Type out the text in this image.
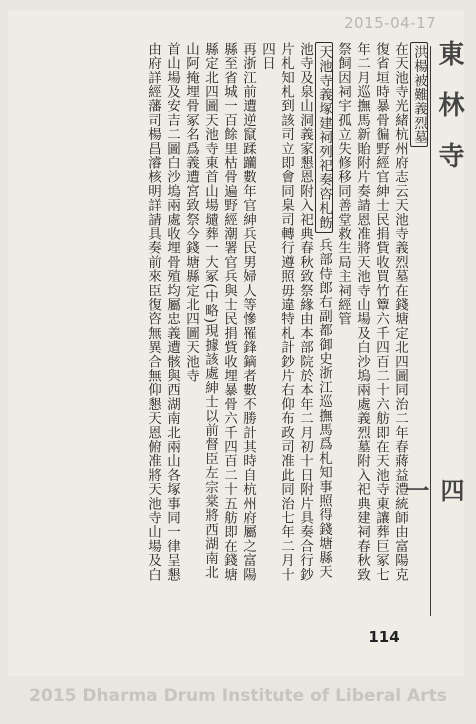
2015-04-17
東 林 寺
四一
洪楊被難義烈墓
在天池寺光緒杭州府志云天池寺義烈墓在錢塘定北四圖同治二年春蔣益澧統師由富陽克
復省垣時暴骨徧野經官紳士民捐貲收買竹簟六千四百二十六舫即在天池寺東讓葬巨冢七
年二月巡撫馬新貽附片奏請恩准將天池寺山場及白沙塢兩處義烈墓附入祀典建祠春秋致
祭飼因祠宇孤立失修移同善堂救生局主祠經管
天池寺義塚建祠列祀奏咨札飭兵部侍郎右副都御史浙江巡撫馬爲札知事照得錢塘縣天
池寺及泉山洞義家懇恩附入祀典春秋致祭緣由本部院於本年二月初十日附片具奏合行鈔
片札知札到該司立即會同臬司轉行遵照毋違特札計鈔片右仰布政司准此同治七年二月十
四日
再浙江前遭逆竄蹂躪數年官紳兵民男婦人等慘罹鋒鏑者數不勝計其時自杭州府屬之富陽
縣至省城一百餘里枯骨遍野經潮署官兵與士民捐貲收埋暴骨六千四百二十五舫即在錢塘
縣定北四圖天池寺東首山場壝葬一大冢(中略)現據該處紳士以前督臣左宗棠將西湖南北
山阿掩埋骨冢名爲義遭宮致祭今錢塘縣定北四圖天池寺
首山場及安吉二圖白沙塢兩處收埋骨殖均屬忠義遭骸與西湖南北兩山各塚事同一律呈懇
由府詳經藩司楊昌濬核明詳請具奏前來臣復咨無異合無仰懇天恩俯准將天池寺山場及白
114
2015 Dharma Drum Institute of Liberal Arts
